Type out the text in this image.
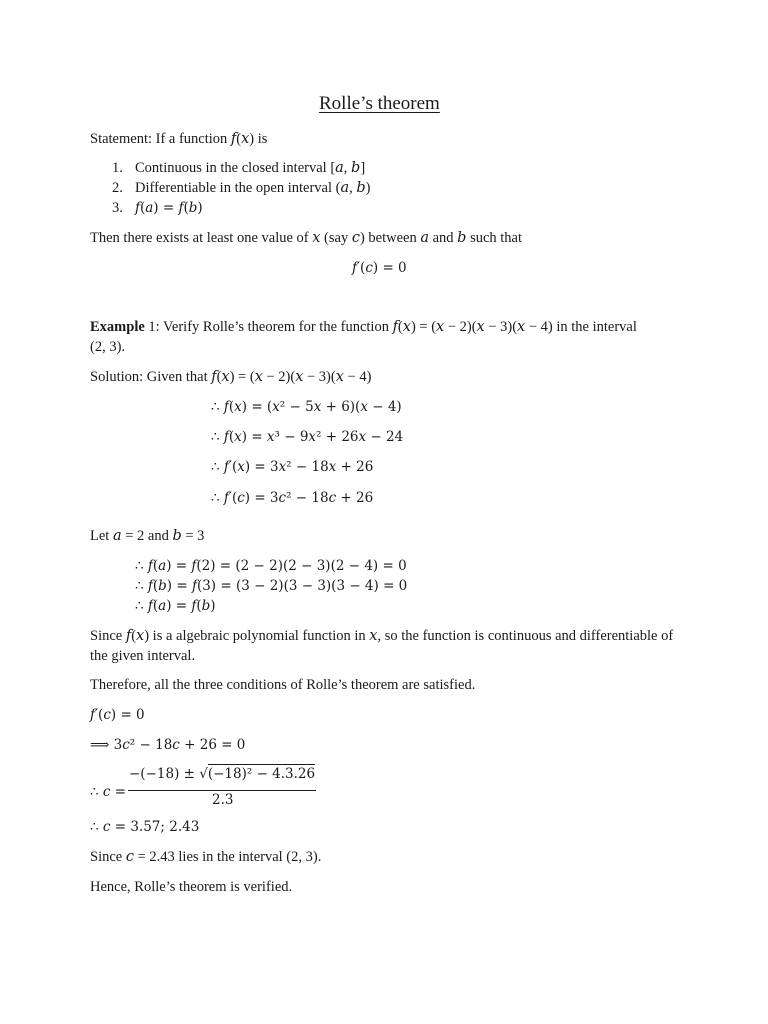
Rolle’s theorem
Statement: If a function 𝑓(𝑥) is
1. Continuous in the closed interval [𝑎, 𝑏]
2. Differentiable in the open interval (𝑎, 𝑏)
3. 𝑓(𝑎) = 𝑓(𝑏)
Then there exists at least one value of 𝑥 (say 𝑐) between 𝑎 and 𝑏 such that
𝑓′(𝑐) = 0
Example 1: Verify Rolle’s theorem for the function 𝑓(𝑥) = (𝑥 − 2)(𝑥 − 3)(𝑥 − 4) in the interval (2, 3).
Solution: Given that 𝑓(𝑥) = (𝑥 − 2)(𝑥 − 3)(𝑥 − 4)
∴ 𝑓(𝑥) = (𝑥² − 5𝑥 + 6)(𝑥 − 4)
∴ 𝑓(𝑥) = 𝑥³ − 9𝑥² + 26𝑥 − 24
∴ 𝑓′(𝑥) = 3𝑥² − 18𝑥 + 26
∴ 𝑓′(𝑐) = 3𝑐² − 18𝑐 + 26
Let 𝑎 = 2 and 𝑏 = 3
∴ 𝑓(𝑎) = 𝑓(2) = (2 − 2)(2 − 3)(2 − 4) = 0
∴ 𝑓(𝑏) = 𝑓(3) = (3 − 2)(3 − 3)(3 − 4) = 0
∴ 𝑓(𝑎) = 𝑓(𝑏)
Since 𝑓(𝑥) is a algebraic polynomial function in 𝑥, so the function is continuous and differentiable of the given interval.
Therefore, all the three conditions of Rolle’s theorem are satisfied.
𝑓′(𝑐) = 0
⟹ 3𝑐² − 18𝑐 + 26 = 0
∴ 𝑐 =
−(−18) ± √(−18)² − 4.3.26
2.3
∴ 𝑐 = 3.57; 2.43
Since 𝑐 = 2.43 lies in the interval (2, 3).
Hence, Rolle’s theorem is verified.
